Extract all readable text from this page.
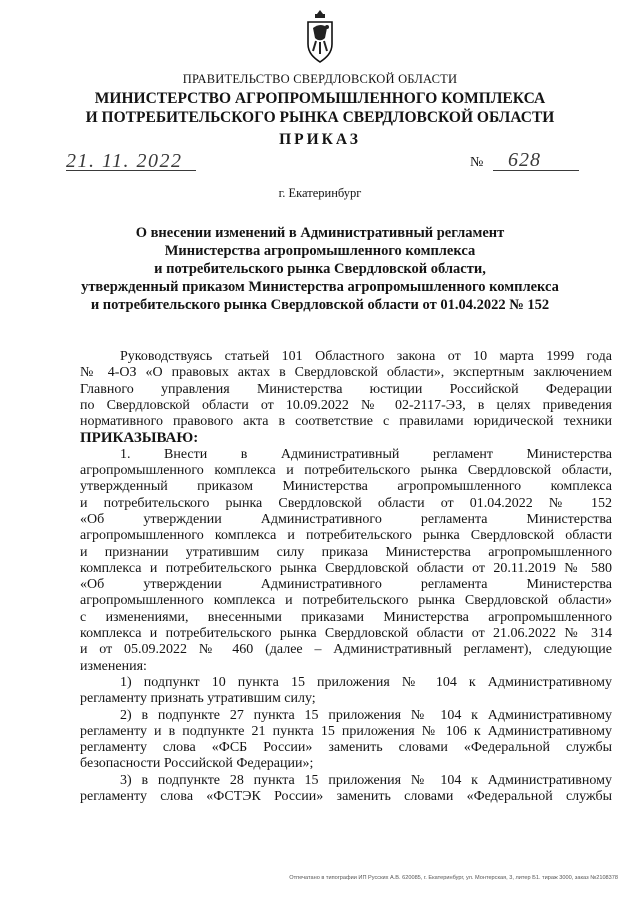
ПРАВИТЕЛЬСТВО СВЕРДЛОВСКОЙ ОБЛАСТИ
МИНИСТЕРСТВО АГРОПРОМЫШЛЕННОГО КОМПЛЕКСА
И ПОТРЕБИТЕЛЬСКОГО РЫНКА СВЕРДЛОВСКОЙ ОБЛАСТИ
ПРИКАЗ
21. 11. 2022	№ 628
г. Екатеринбург
О внесении изменений в Административный регламент
Министерства агропромышленного комплекса
и потребительского рынка Свердловской области,
утвержденный приказом Министерства агропромышленного комплекса
и потребительского рынка Свердловской области от 01.04.2022 № 152
Руководствуясь статьей 101 Областного закона от 10 марта 1999 года
№ 4-ОЗ «О правовых актах в Свердловской области», экспертным заключением
Главного управления Министерства юстиции Российской Федерации
по Свердловской области от 10.09.2022 № 02-2117-ЭЗ, в целях приведения
нормативного правового акта в соответствие с правилами юридической техники
ПРИКАЗЫВАЮ:
1. Внести в Административный регламент Министерства
агропромышленного комплекса и потребительского рынка Свердловской области,
утвержденный приказом Министерства агропромышленного комплекса
и потребительского рынка Свердловской области от 01.04.2022 № 152
«Об утверждении Административного регламента Министерства
агропромышленного комплекса и потребительского рынка Свердловской области
и признании утратившим силу приказа Министерства агропромышленного
комплекса и потребительского рынка Свердловской области от 20.11.2019 № 580
«Об утверждении Административного регламента Министерства
агропромышленного комплекса и потребительского рынка Свердловской области»
с изменениями, внесенными приказами Министерства агропромышленного
комплекса и потребительского рынка Свердловской области от 21.06.2022 № 314
и от 05.09.2022 № 460 (далее – Административный регламент), следующие
изменения:
1) подпункт 10 пункта 15 приложения № 104 к Административному
регламенту признать утратившим силу;
2) в подпункте 27 пункта 15 приложения № 104 к Административному
регламенту и в подпункте 21 пункта 15 приложения № 106 к Административному
регламенту слова «ФСБ России» заменить словами «Федеральной службы
безопасности Российской Федерации»;
3) в подпункте 28 пункта 15 приложения № 104 к Административному
регламенту слова «ФСТЭК России» заменить словами «Федеральной службы
Отпечатано в типографии ИП Русских А.В. 620085, г. Екатеринбург, ул. Монтерская, 3, литер Б1. тираж 3000, заказ №2108378
